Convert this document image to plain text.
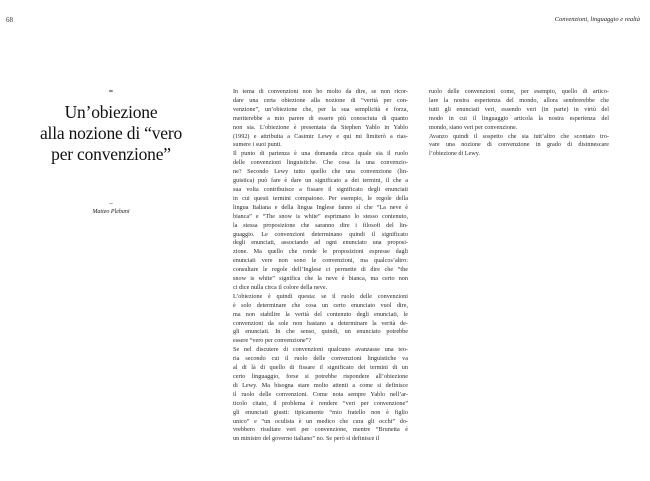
68	Convenzioni, linguaggio e realtà
-
Un’obiezione
alla nozione di “vero
per convenzione”
–
Matteo Plebani
In tema di convenzioni non ho molto da dire, se non ricor-
dare una certa obiezione alla nozione di “verità per con-
venzione”, un’obiezione che, per la sua semplicità e forza,
meriterebbe a mio parere di essere più conosciuta di quanto
non sia. L’obiezione è presentata da Stephen Yablo in Yablo
(1992) e attribuita a Casimir Lewy e qui mi limiterò a rias-
sumere i suoi punti.
Il punto di partenza è una domanda circa quale sia il ruolo
delle convenzioni linguistiche. Che cosa fa una convenzio-
ne? Secondo Lewy tutto quello che una convenzione (lin-
guistica) può fare è dare un significato a dei termini, il che a
sua volta contribuisce a fissare il significato degli enunciati
in cui questi termini compaiono. Per esempio, le regole della
lingua Italiana e della lingua Inglese fanno sì che “La neve è
bianca” e “The snow is white” esprimano lo stesso contenuto,
la stessa proposizione che saranno dire i filosofi del lin-
guaggio. Le convenzioni determinano quindi il significato
degli enunciati, associando ad ogni enunciato una proposi-
zione. Ma quello che rende le proposizioni espresse dagli
enunciati vere non sono le convenzioni, ma qualcos’altro:
consultare le regole dell’Inglese ci permette di dire che “the
snow is white” significa che la neve è bianca, ma certo non
ci dice nulla circa il colore della neve.
L’obiezione è quindi questa: se il ruolo delle convenzioni
è solo determinare che cosa un certo enunciato vuol dire,
ma non stabilire la verità del contenuto degli enunciati, le
convenzioni da sole non bastano a determinare la verità de-
gli enunciati. In che senso, quindi, un enunciato potrebbe
essere “vero per convenzione”?
Se nel discutere di convenzioni qualcuno avanzasse una teo-
ria secondo cui il ruolo delle convenzioni linguistiche va
al di là di quello di fissare il significato dei termini di un
certo linguaggio, forse si potrebbe rispondere all’obiezione
di Lewy. Ma bisogna stare molto attenti a come si definisce
il ruolo delle convenzioni. Come nota sempre Yablo nell’ar-
ticolo citato, il problema è rendere “veri per convenzione”
gli enunciati giusti: tipicamente “mio fratello non è figlio
unico” e “un oculista è un medico che cura gli occhi” do-
vrebbero risultare veri per convenzione, mentre “Brunetta è
un ministro del governo italiano” no. Se però si definisce il
ruolo delle convenzioni come, per esempio, quello di artico-
lare la nostra esperienza del mondo, allora sembrerebbe che
tutti gli enunciati veri, essendo veri (in parte) in virtù del
modo in cui il linguaggio articola la nostra esperienza del
mondo, siano veri per convenzione.
Avanzo quindi il sospetto che sia tutt’altro che scontato tro-
vare una nozione di convenzione in grado di disinnescare
l’obiezione di Lewy.
